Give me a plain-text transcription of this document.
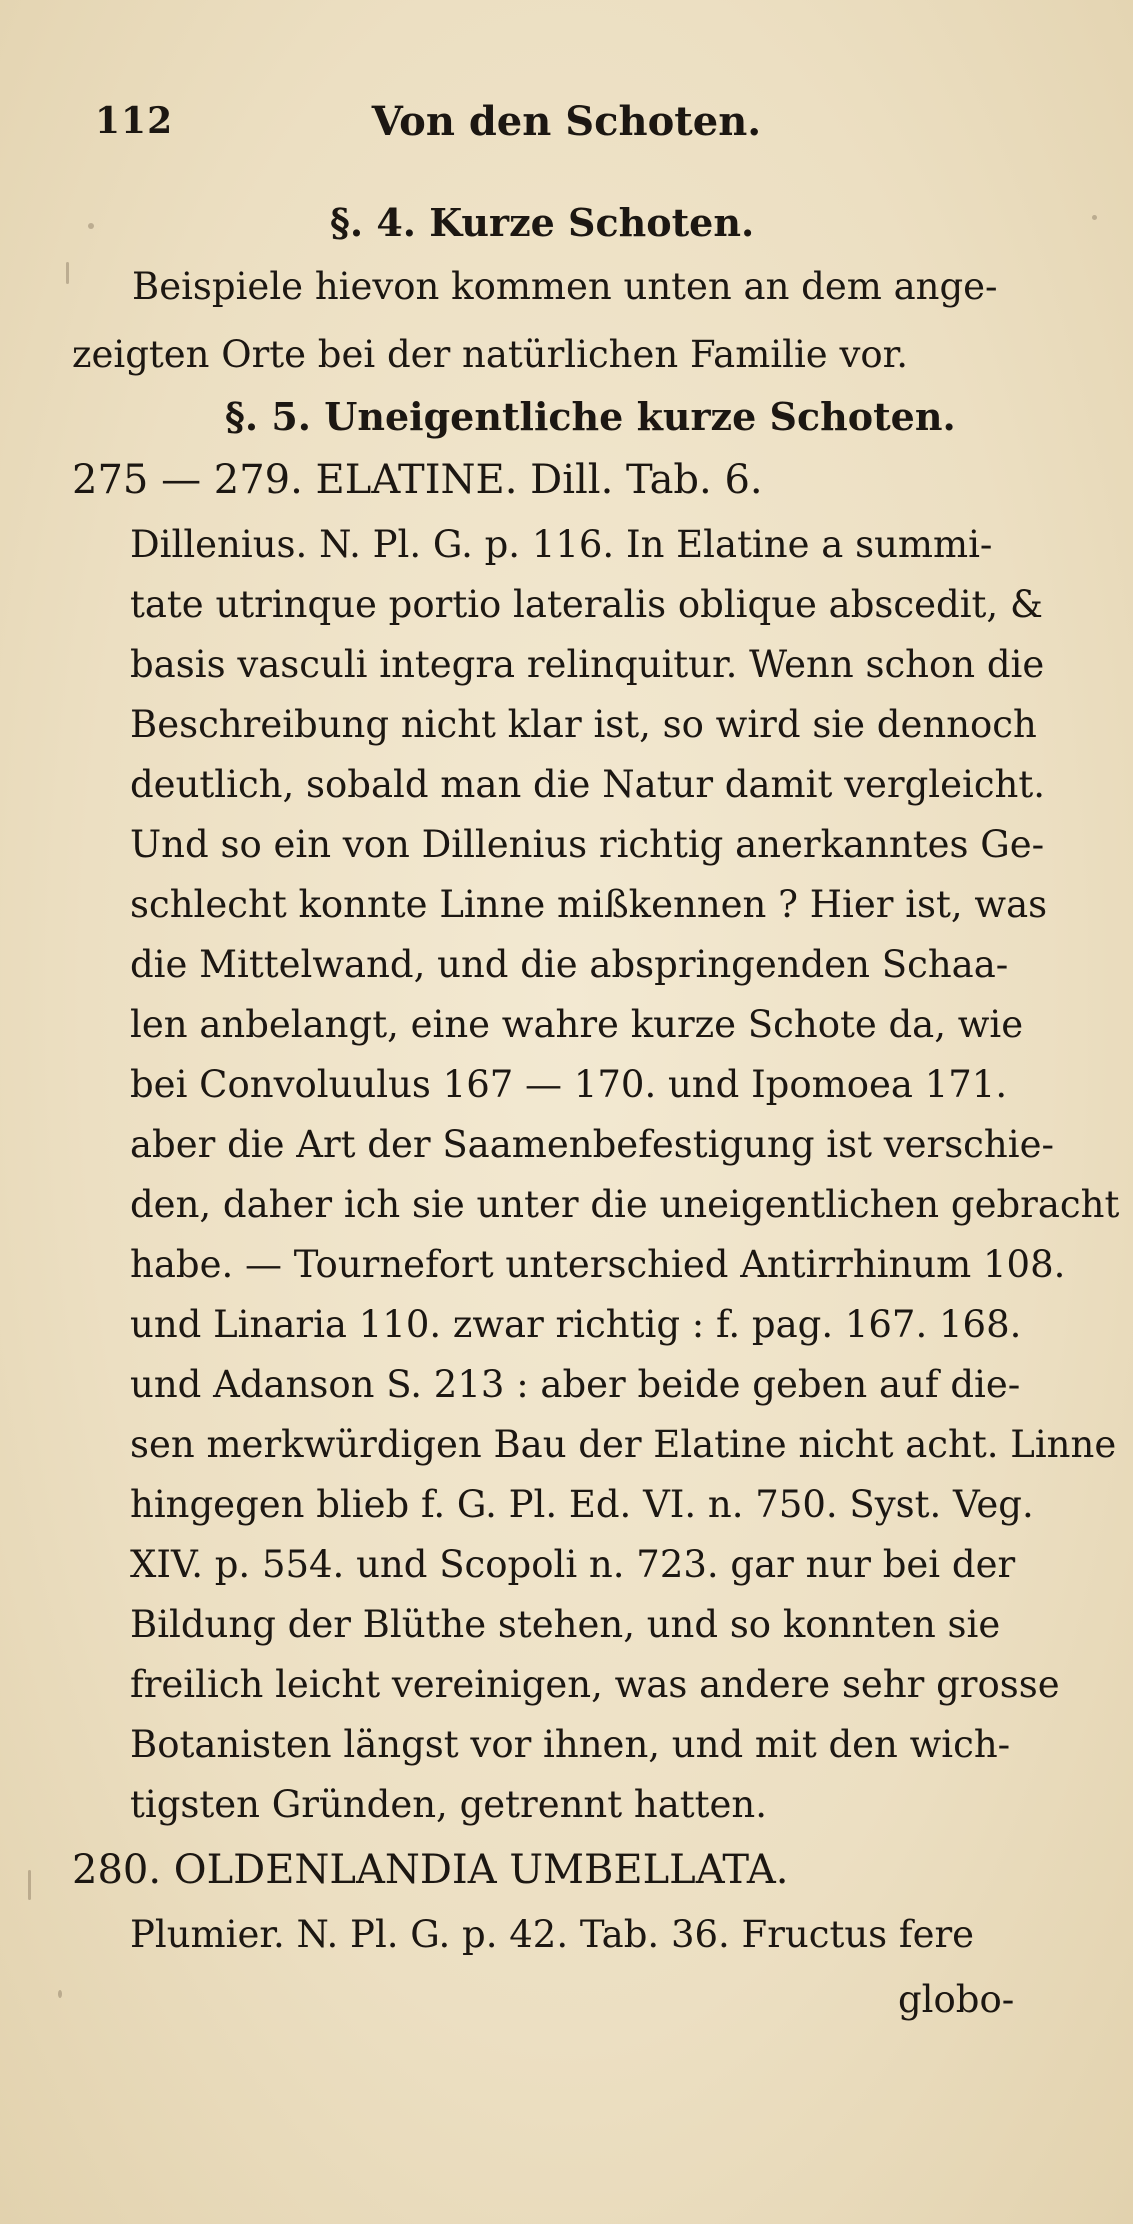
112	Von den Schoten.
§. 4. Kurze Schoten.
Beispiele hievon kommen unten an dem ange-
zeigten Orte bei der natürlichen Familie vor.
§. 5. Uneigentliche kurze Schoten.
275 — 279. ELATINE. Dill. Tab. 6.
Dillenius. N. Pl. G. p. 116. In Elatine a summi-
tate utrinque portio lateralis oblique abscedit, &
basis vasculi integra relinquitur. Wenn schon die
Beschreibung nicht klar ist, so wird sie dennoch
deutlich, sobald man die Natur damit vergleicht.
Und so ein von Dillenius richtig anerkanntes Ge-
schlecht konnte Linne mißkennen ? Hier ist, was
die Mittelwand, und die abspringenden Schaa-
len anbelangt, eine wahre kurze Schote da, wie
bei Convoluulus 167 — 170. und Ipomoea 171.
aber die Art der Saamenbefestigung ist verschie-
den, daher ich sie unter die uneigentlichen gebracht
habe. — Tournefort unterschied Antirrhinum 108.
und Linaria 110. zwar richtig : f. pag. 167. 168.
und Adanson S. 213 : aber beide geben auf die-
sen merkwürdigen Bau der Elatine nicht acht. Linne
hingegen blieb f. G. Pl. Ed. VI. n. 750. Syst. Veg.
XIV. p. 554. und Scopoli n. 723. gar nur bei der
Bildung der Blüthe stehen, und so konnten sie
freilich leicht vereinigen, was andere sehr grosse
Botanisten längst vor ihnen, und mit den wich-
tigsten Gründen, getrennt hatten.
280. OLDENLANDIA UMBELLATA.
Plumier. N. Pl. G. p. 42. Tab. 36. Fructus fere
globo-
